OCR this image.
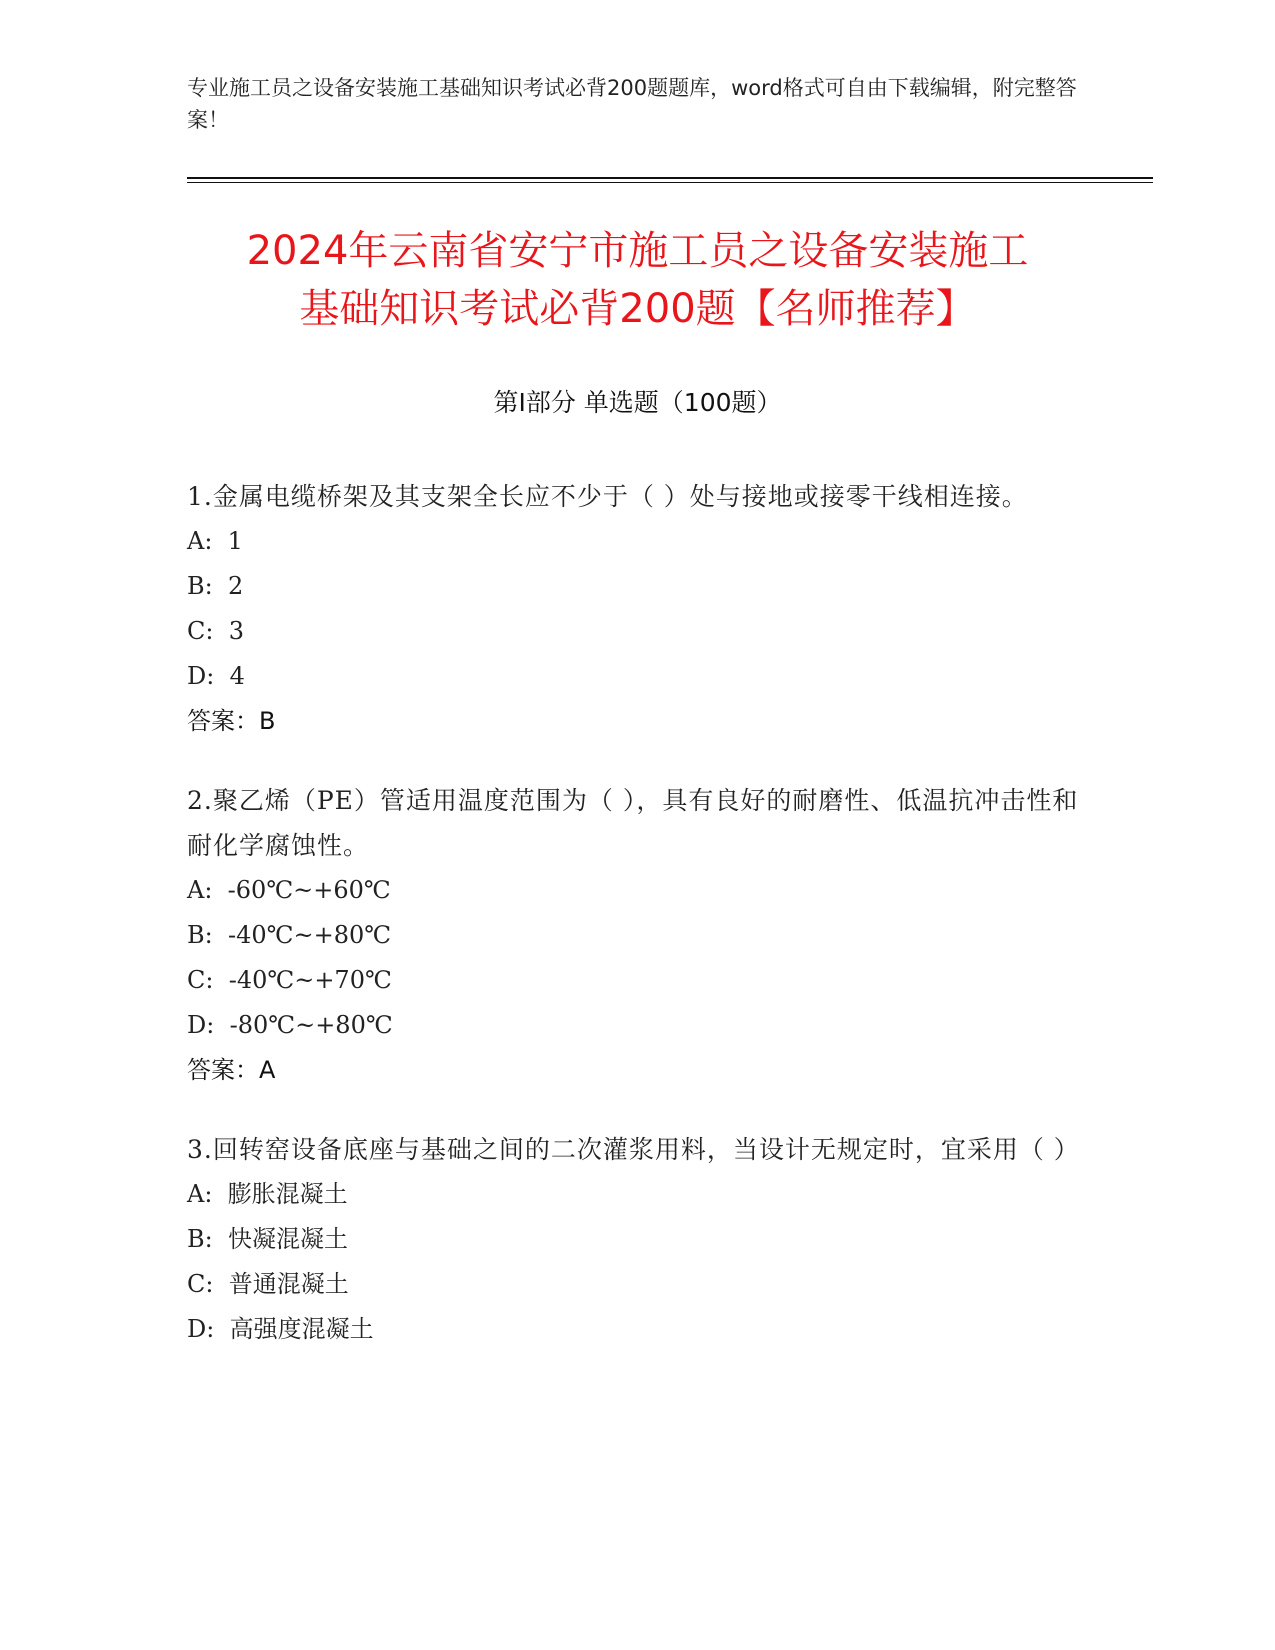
专业施工员之设备安装施工基础知识考试必背200题题库，word格式可自由下载编辑，附完整答案！
2024年云南省安宁市施工员之设备安装施工
基础知识考试必背200题【名师推荐】
第Ⅰ部分 单选题（100题）
1.金属电缆桥架及其支架全长应不少于（ ）处与接地或接零干线相连接。
A:  1
B:  2
C:  3
D:  4
答案：B
2.聚乙烯（PE）管适用温度范围为（ ），具有良好的耐磨性、低温抗冲击性和耐化学腐蚀性。
A:  -60℃~+60℃
B:  -40℃~+80℃
C:  -40℃~+70℃
D:  -80℃~+80℃
答案：A
3.回转窑设备底座与基础之间的二次灌浆用料，当设计无规定时，宜采用（ ）
A:  膨胀混凝土
B:  快凝混凝土
C:  普通混凝土
D:  高强度混凝土
